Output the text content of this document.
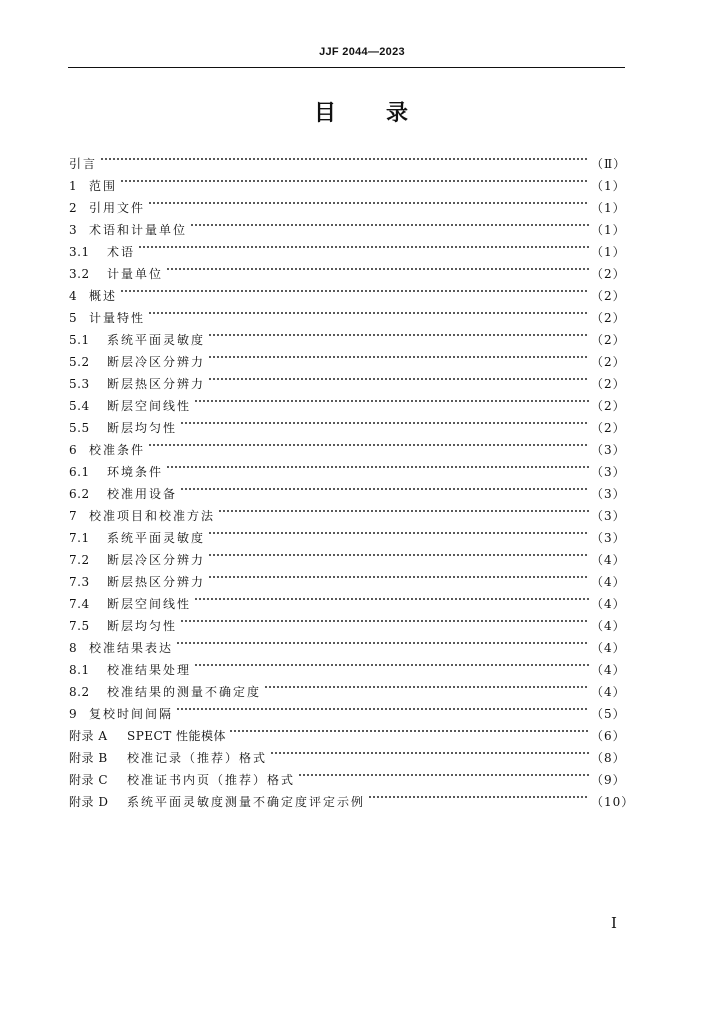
JJF 2044—2023
目 录
引言	（Ⅱ）
1 范围	（1）
2 引用文件	（1）
3 术语和计量单位	（1）
3.1	术语	（1）
3.2	计量单位	（2）
4 概述	（2）
5 计量特性	（2）
5.1	系统平面灵敏度	（2）
5.2	断层冷区分辨力	（2）
5.3	断层热区分辨力	（2）
5.4	断层空间线性	（2）
5.5	断层均匀性	（2）
6 校准条件	（3）
6.1	环境条件	（3）
6.2	校准用设备	（3）
7 校准项目和校准方法	（3）
7.1	系统平面灵敏度	（3）
7.2	断层冷区分辨力	（4）
7.3	断层热区分辨力	（4）
7.4	断层空间线性	（4）
7.5	断层均匀性	（4）
8 校准结果表达	（4）
8.1	校准结果处理	（4）
8.2	校准结果的测量不确定度	（4）
9 复校时间间隔	（5）
附录 A	SPECT 性能模体	（6）
附录 B	校准记录（推荐）格式	（8）
附录 C	校准证书内页（推荐）格式	（9）
附录 D	系统平面灵敏度测量不确定度评定示例	（10）
I
